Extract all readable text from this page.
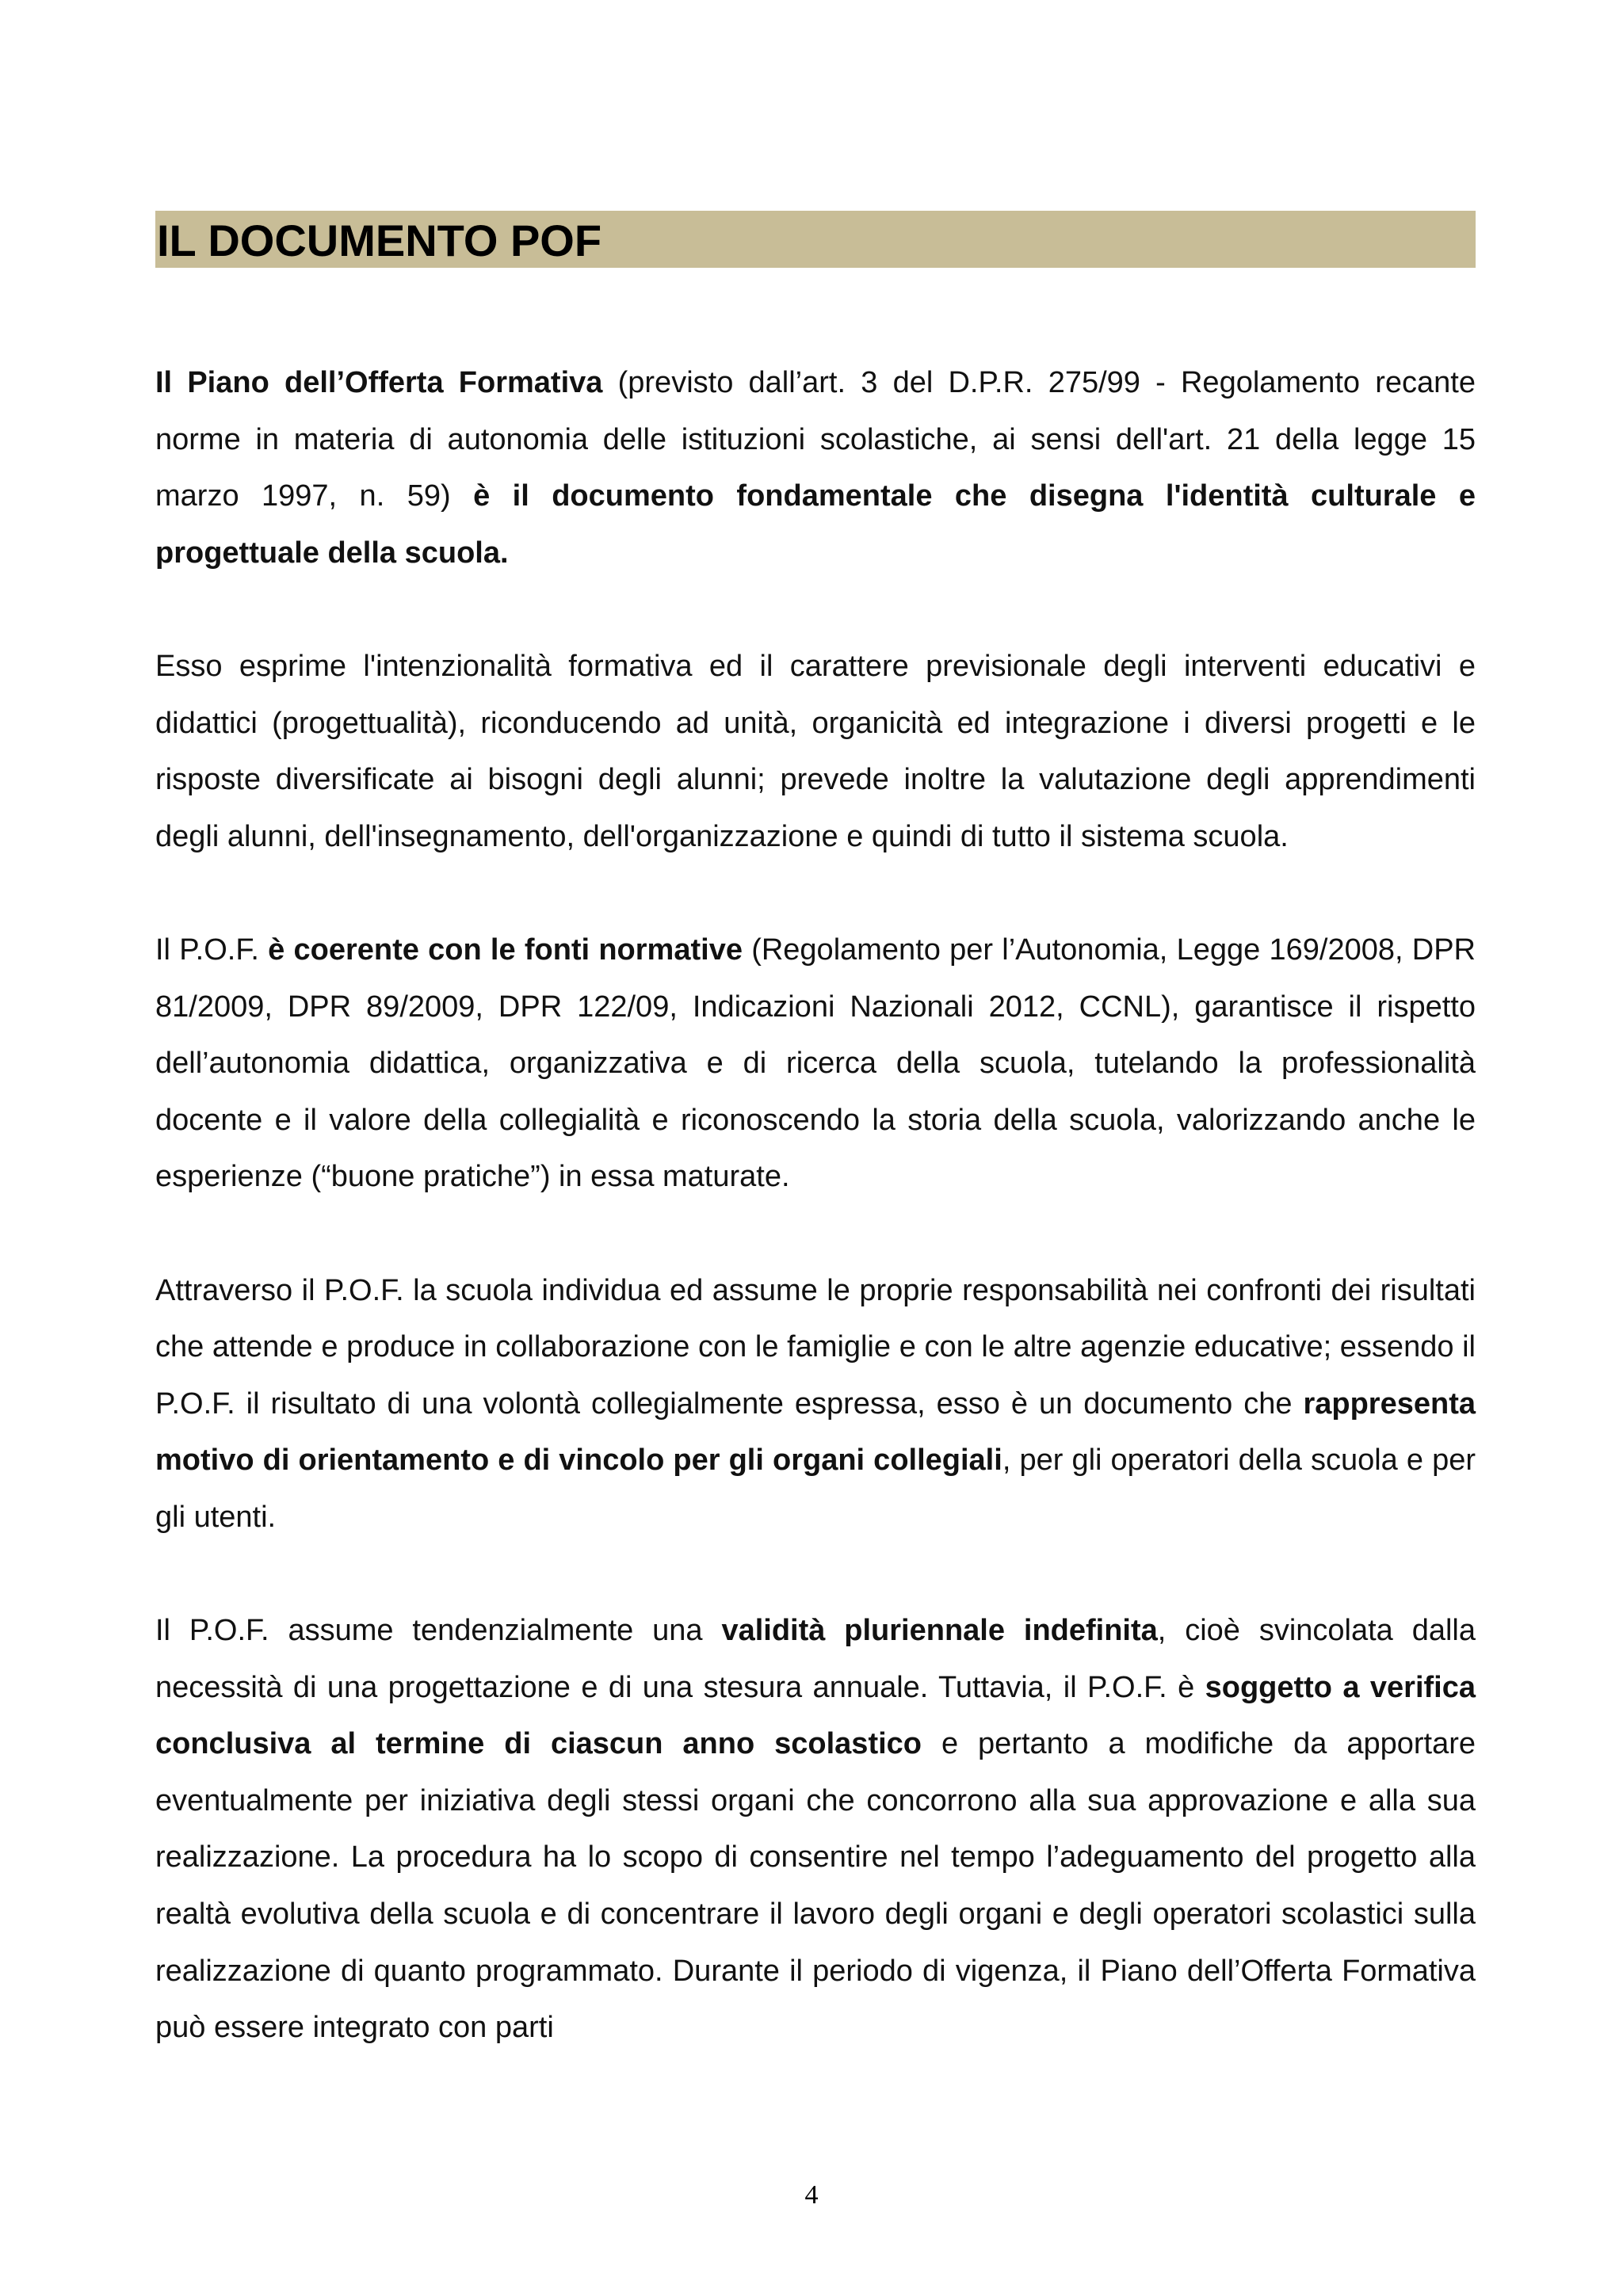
IL DOCUMENTO POF

Il Piano dell’Offerta Formativa (previsto dall’art. 3 del D.P.R. 275/99 - Regolamento recante norme in materia di autonomia delle istituzioni scolastiche, ai sensi dell'art. 21 della legge 15 marzo 1997, n. 59) è il documento fondamentale che disegna l'identità culturale e progettuale della scuola.

Esso esprime l'intenzionalità formativa ed il carattere previsionale degli interventi educativi e didattici (progettualità), riconducendo ad unità, organicità ed integrazione i diversi progetti e le risposte diversificate ai bisogni degli alunni; prevede inoltre la valutazione degli apprendimenti degli alunni, dell'insegnamento, dell'organizzazione e quindi di tutto il sistema scuola.

Il P.O.F. è coerente con le fonti normative (Regolamento per l’Autonomia, Legge 169/2008, DPR 81/2009, DPR 89/2009, DPR 122/09, Indicazioni Nazionali 2012, CCNL), garantisce il rispetto dell’autonomia didattica, organizzativa e di ricerca della scuola, tutelando la professionalità docente e il valore della collegialità e riconoscendo la storia della scuola, valorizzando anche le esperienze (“buone pratiche”) in essa maturate.

Attraverso il P.O.F. la scuola individua ed assume le proprie responsabilità nei confronti dei risultati che attende e produce in collaborazione con le famiglie e con le altre agenzie educative; essendo il P.O.F. il risultato di una volontà collegialmente espressa, esso è un documento che rappresenta motivo di orientamento e di vincolo per gli organi collegiali, per gli operatori della scuola e per gli utenti.

Il P.O.F. assume tendenzialmente una validità pluriennale indefinita, cioè svincolata dalla necessità di una progettazione e di una stesura annuale. Tuttavia, il P.O.F. è soggetto a verifica conclusiva al termine di ciascun anno scolastico e pertanto a modifiche da apportare eventualmente per iniziativa degli stessi organi che concorrono alla sua approvazione e alla sua realizzazione. La procedura ha lo scopo di consentire nel tempo l’adeguamento del progetto alla realtà evolutiva della scuola e di concentrare il lavoro degli organi e degli operatori scolastici sulla realizzazione di quanto programmato. Durante il periodo di vigenza, il Piano dell’Offerta Formativa può essere integrato con parti

4
